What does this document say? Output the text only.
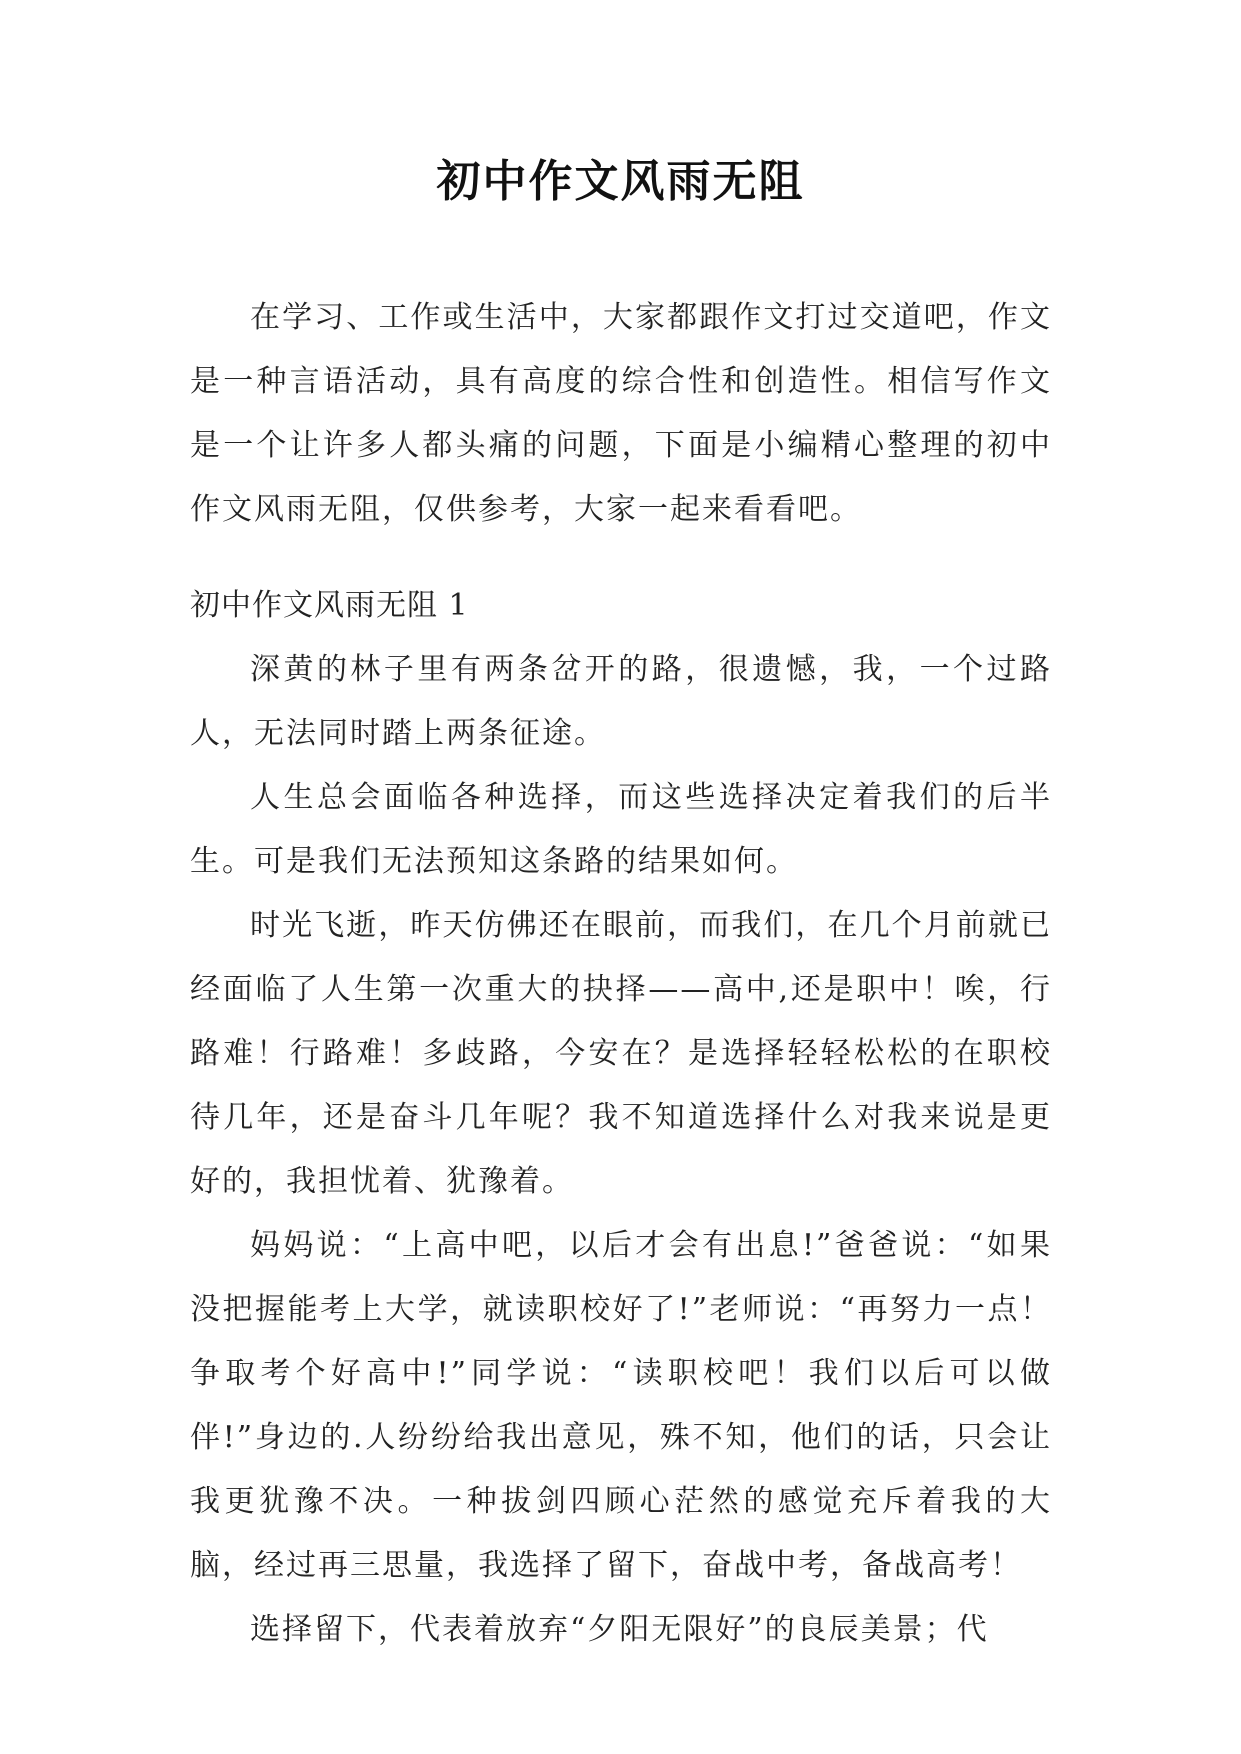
初中作文风雨无阻

在学习、工作或生活中，大家都跟作文打过交道吧，作文是一种言语活动，具有高度的综合性和创造性。相信写作文是一个让许多人都头痛的问题，下面是小编精心整理的初中作文风雨无阻，仅供参考，大家一起来看看吧。

初中作文风雨无阻 1

深黄的林子里有两条岔开的路，很遗憾，我，一个过路人，无法同时踏上两条征途。

人生总会面临各种选择，而这些选择决定着我们的后半生。可是我们无法预知这条路的结果如何。

时光飞逝，昨天仿佛还在眼前，而我们，在几个月前就已经面临了人生第一次重大的抉择——高中,还是职中！唉，行路难！行路难！多歧路，今安在？是选择轻轻松松的在职校待几年，还是奋斗几年呢？我不知道选择什么对我来说是更好的，我担忧着、犹豫着。

妈妈说：“上高中吧，以后才会有出息!”爸爸说：“如果没把握能考上大学，就读职校好了!”老师说：“再努力一点！争取考个好高中!”同学说：“读职校吧！我们以后可以做伴!”身边的.人纷纷给我出意见，殊不知，他们的话，只会让我更犹豫不决。一种拔剑四顾心茫然的感觉充斥着我的大脑，经过再三思量，我选择了留下，奋战中考，备战高考！

选择留下，代表着放弃“夕阳无限好”的良辰美景；代
